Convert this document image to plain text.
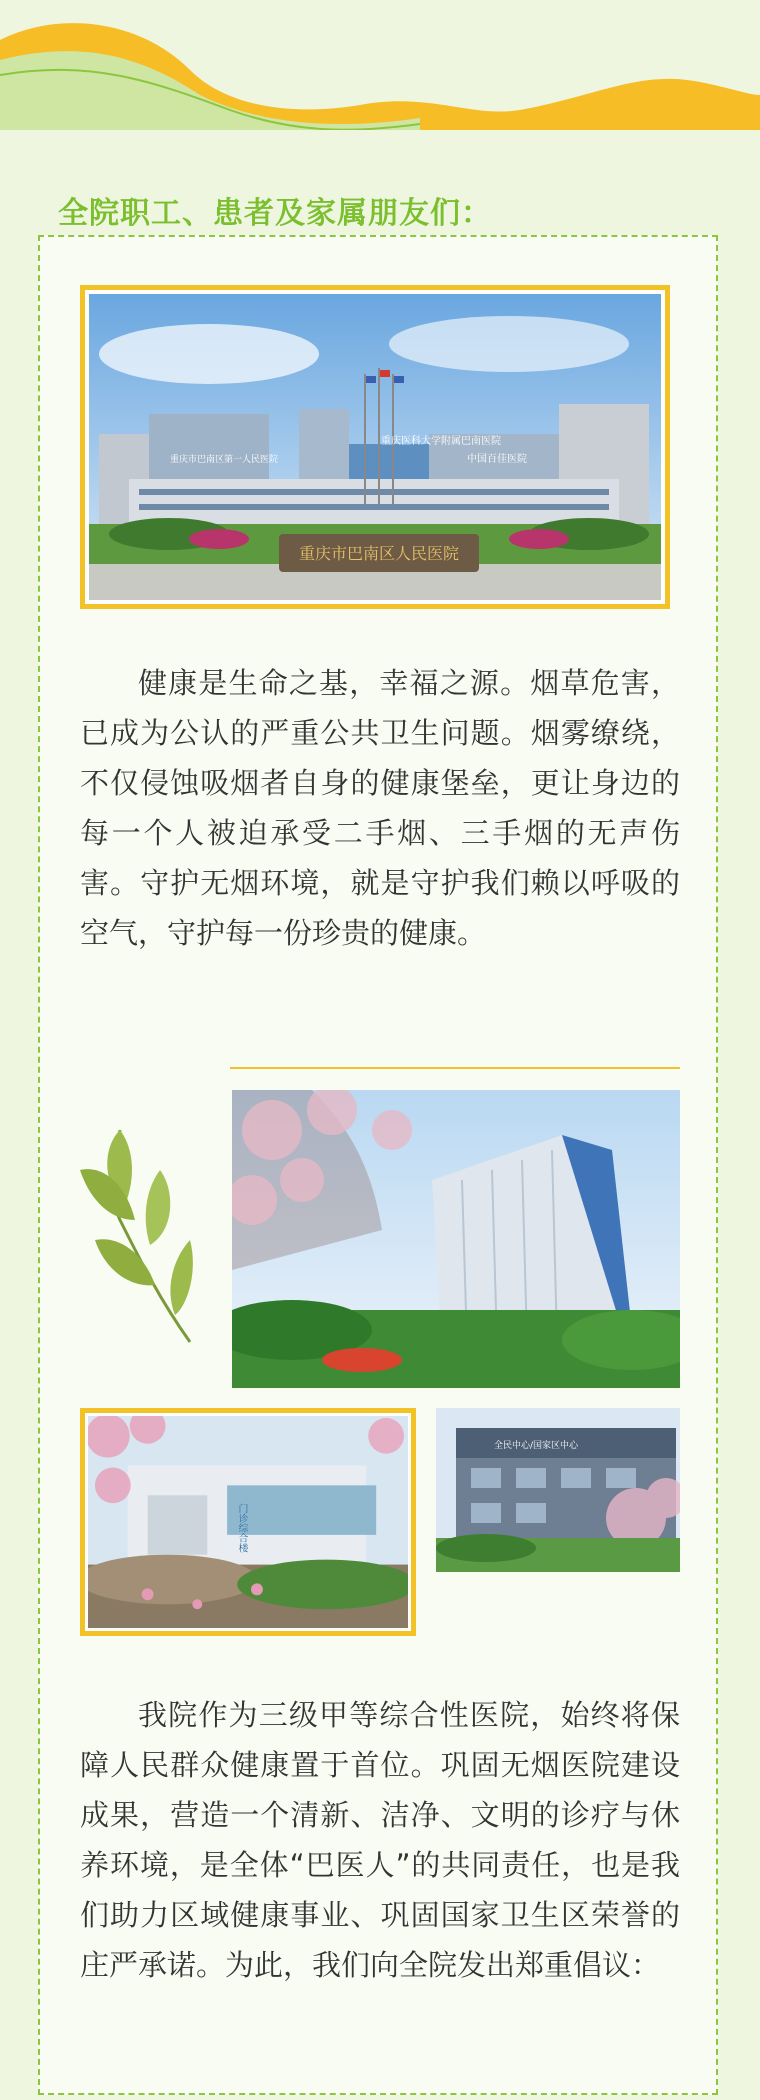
全院职工、患者及家属朋友们：
重庆市巴南区人民医院
重庆医科大学附属巴南医院
重庆市巴南区第一人民医院	中国百佳医院

健康是生命之基，幸福之源。烟草危害，已成为公认的严重公共卫生问题。烟雾缭绕，不仅侵蚀吸烟者自身的健康堡垒，更让身边的每一个人被迫承受二手烟、三手烟的无声伤害。守护无烟环境，就是守护我们赖以呼吸的空气，守护每一份珍贵的健康。

门诊综合楼
全民中心/国家区中心

我院作为三级甲等综合性医院，始终将保障人民群众健康置于首位。巩固无烟医院建设成果，营造一个清新、洁净、文明的诊疗与休养环境，是全体“巴医人”的共同责任，也是我们助力区域健康事业、巩固国家卫生区荣誉的庄严承诺。为此，我们向全院发出郑重倡议：
